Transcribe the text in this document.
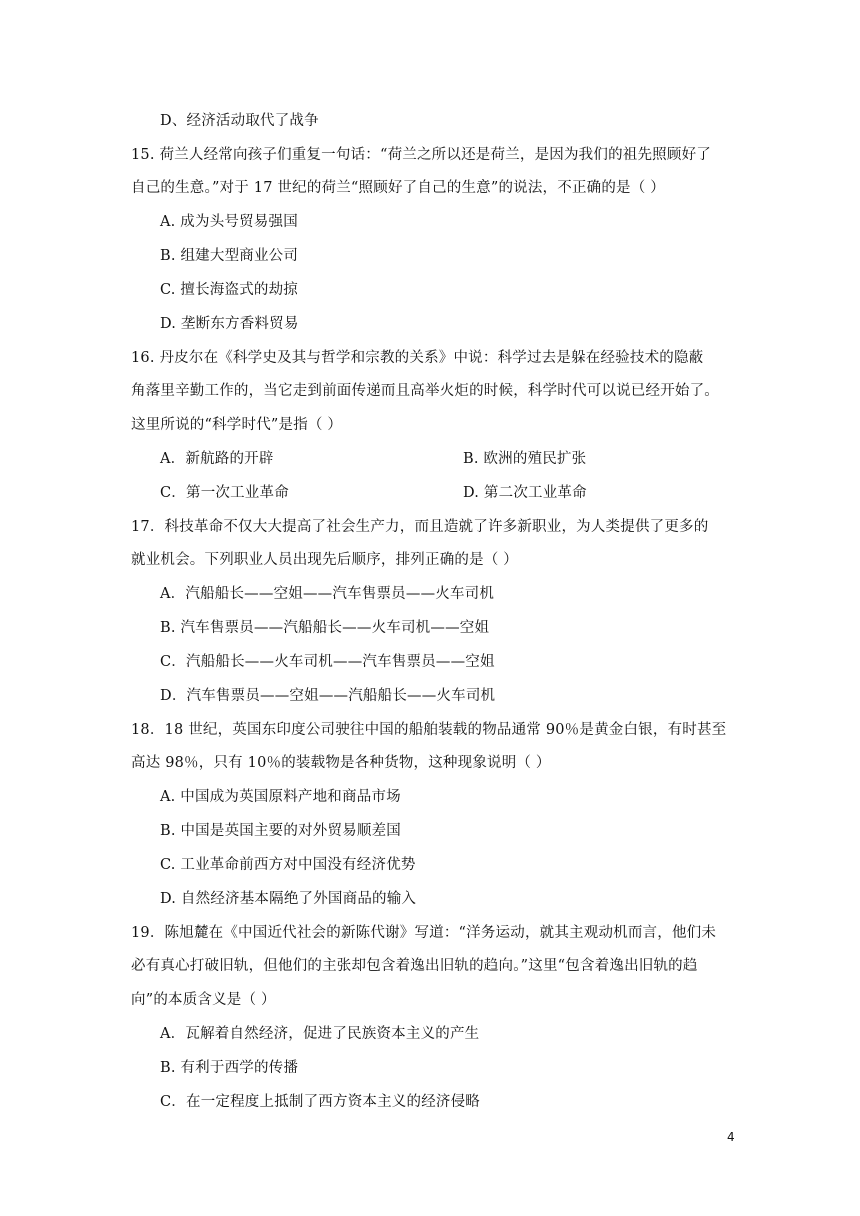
D、经济活动取代了战争
15. 荷兰人经常向孩子们重复一句话：“荷兰之所以还是荷兰，是因为我们的祖先照顾好了
自己的生意。”对于 17 世纪的荷兰“照顾好了自己的生意”的说法，不正确的是（ ）
A. 成为头号贸易强国
B. 组建大型商业公司
C. 擅长海盗式的劫掠
D. 垄断东方香料贸易
16. 丹皮尔在《科学史及其与哲学和宗教的关系》中说：科学过去是躲在经验技术的隐蔽
角落里辛勤工作的，当它走到前面传递而且高举火炬的时候，科学时代可以说已经开始了。
这里所说的“科学时代”是指（ ）
A．新航路的开辟	B. 欧洲的殖民扩张
C．第一次工业革命	D. 第二次工业革命
17．科技革命不仅大大提高了社会生产力，而且造就了许多新职业，为人类提供了更多的
就业机会。下列职业人员出现先后顺序，排列正确的是（ ）
A．汽船船长——空姐——汽车售票员——火车司机
B. 汽车售票员——汽船船长——火车司机——空姐
C．汽船船长——火车司机——汽车售票员——空姐
D．汽车售票员——空姐——汽船船长——火车司机
18．18 世纪，英国东印度公司驶往中国的船舶装载的物品通常 90％是黄金白银，有时甚至
高达 98％，只有 10％的装载物是各种货物，这种现象说明（ ）
A. 中国成为英国原料产地和商品市场
B. 中国是英国主要的对外贸易顺差国
C. 工业革命前西方对中国没有经济优势
D. 自然经济基本隔绝了外国商品的输入
19．陈旭麓在《中国近代社会的新陈代谢》写道：“洋务运动，就其主观动机而言，他们未
必有真心打破旧轨，但他们的主张却包含着逸出旧轨的趋向。”这里“包含着逸出旧轨的趋
向”的本质含义是（ ）
A．瓦解着自然经济，促进了民族资本主义的产生
B. 有利于西学的传播
C．在一定程度上抵制了西方资本主义的经济侵略
4
